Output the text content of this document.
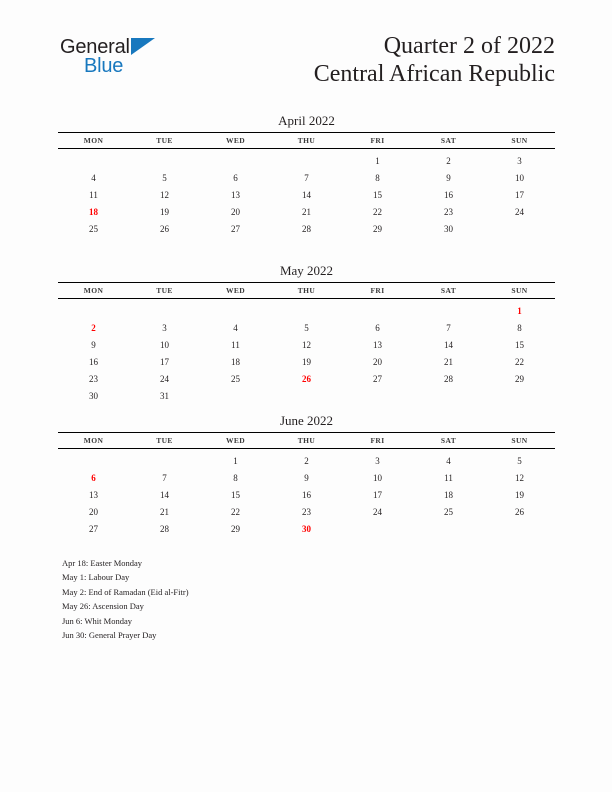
General
Blue
Quarter 2 of 2022
Central African Republic
April 2022
MON	TUE	WED	THU	FRI	SAT	SUN
				1	2	3
4	5	6	7	8	9	10
11	12	13	14	15	16	17
18	19	20	21	22	23	24
25	26	27	28	29	30	
May 2022
MON	TUE	WED	THU	FRI	SAT	SUN
						1
2	3	4	5	6	7	8
9	10	11	12	13	14	15
16	17	18	19	20	21	22
23	24	25	26	27	28	29
30	31					
June 2022
MON	TUE	WED	THU	FRI	SAT	SUN
		1	2	3	4	5
6	7	8	9	10	11	12
13	14	15	16	17	18	19
20	21	22	23	24	25	26
27	28	29	30			
Apr 18: Easter Monday
May 1: Labour Day
May 2: End of Ramadan (Eid al-Fitr)
May 26: Ascension Day
Jun 6: Whit Monday
Jun 30: General Prayer Day
